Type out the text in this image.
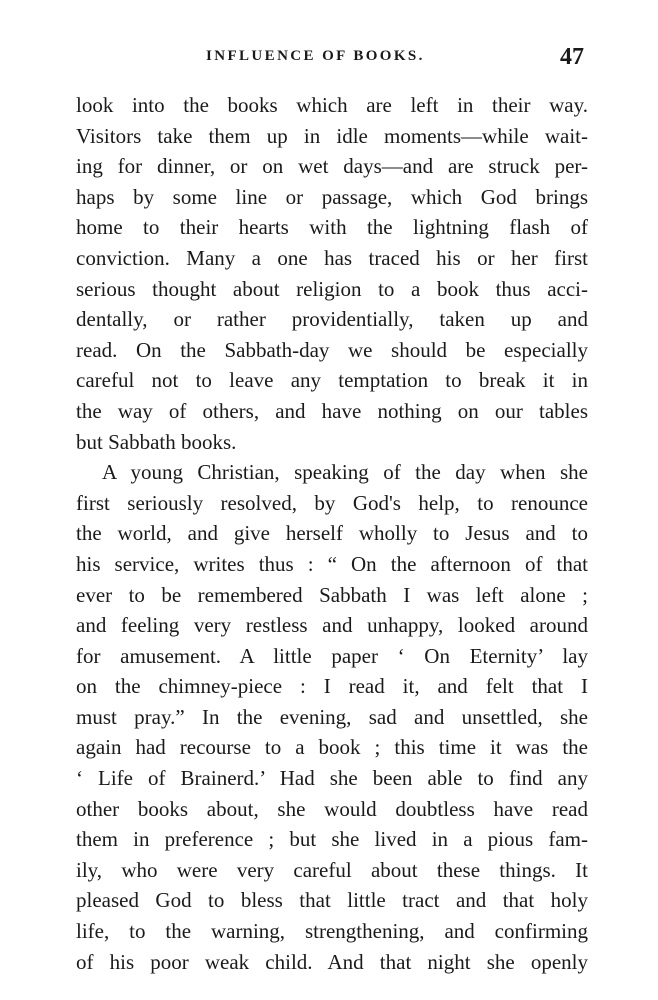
INFLUENCE OF BOOKS.	47
look into the books which are left in their way.
Visitors take them up in idle moments—while wait-
ing for dinner, or on wet days—and are struck per-
haps by some line or passage, which God brings
home to their hearts with the lightning flash of
conviction. Many a one has traced his or her first
serious thought about religion to a book thus acci-
dentally, or rather providentially, taken up and
read. On the Sabbath-day we should be especially
careful not to leave any temptation to break it in
the way of others, and have nothing on our tables
but Sabbath books.
A young Christian, speaking of the day when she
first seriously resolved, by God's help, to renounce
the world, and give herself wholly to Jesus and to
his service, writes thus : “ On the afternoon of that
ever to be remembered Sabbath I was left alone ;
and feeling very restless and unhappy, looked around
for amusement. A little paper ‘ On Eternity’ lay
on the chimney-piece : I read it, and felt that I
must pray.” In the evening, sad and unsettled, she
again had recourse to a book ; this time it was the
‘ Life of Brainerd.’ Had she been able to find any
other books about, she would doubtless have read
them in preference ; but she lived in a pious fam-
ily, who were very careful about these things. It
pleased God to bless that little tract and that holy
life, to the warning, strengthening, and confirming
of his poor weak child. And that night she openly
